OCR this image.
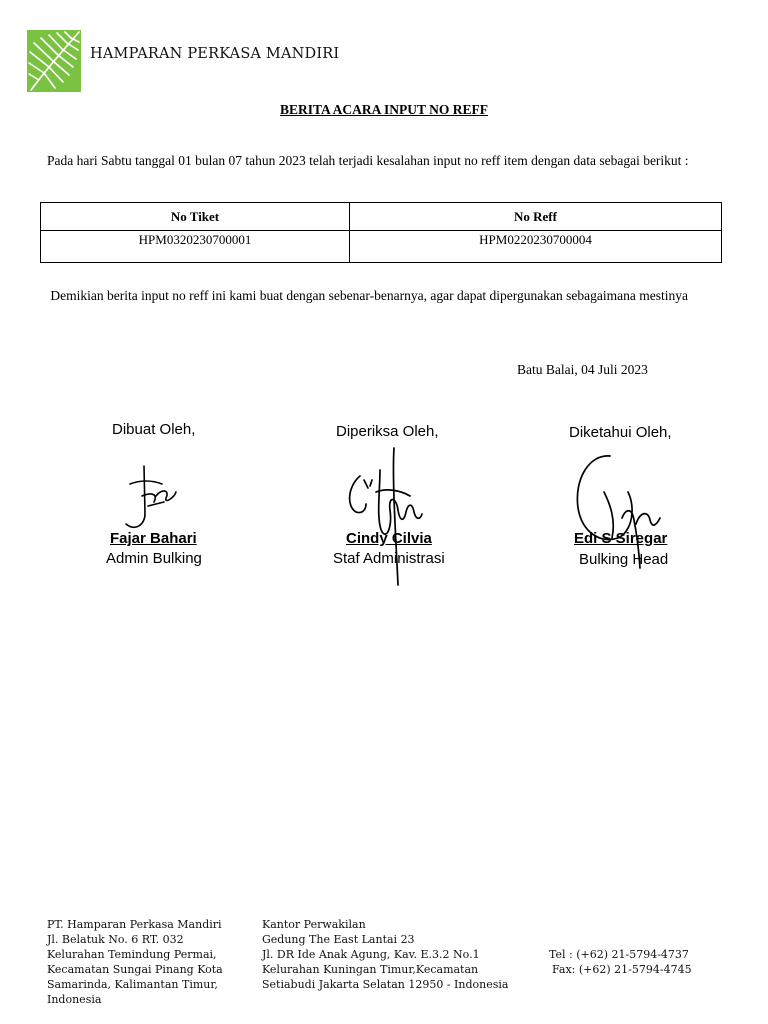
HAMPARAN PERKASA MANDIRI
BERITA ACARA INPUT NO REFF
Pada hari Sabtu tanggal 01 bulan 07 tahun 2023 telah terjadi kesalahan input no reff item dengan data sebagai berikut :
No Tiket	No Reff
HPM0320230700001	HPM0220230700004
Demikian berita input no reff ini kami buat dengan sebenar-benarnya, agar dapat dipergunakan sebagaimana mestinya
Batu Balai, 04 Juli 2023
Dibuat Oleh,
Fajar Bahari
Admin Bulking
Diperiksa Oleh,
Cindy Cilvia
Staf Administrasi
Diketahui Oleh,
Edi S Siregar
Bulking Head
PT. Hamparan Perkasa Mandiri
Jl. Belatuk No. 6 RT. 032
Kelurahan Temindung Permai,
Kecamatan Sungai Pinang Kota
Samarinda, Kalimantan Timur,
Indonesia
Kantor Perwakilan
Gedung The East Lantai 23
Jl. DR Ide Anak Agung, Kav. E.3.2 No.1
Kelurahan Kuningan Timur,Kecamatan
Setiabudi Jakarta Selatan 12950 - Indonesia
Tel : (+62) 21-5794-4737
Fax: (+62) 21-5794-4745
